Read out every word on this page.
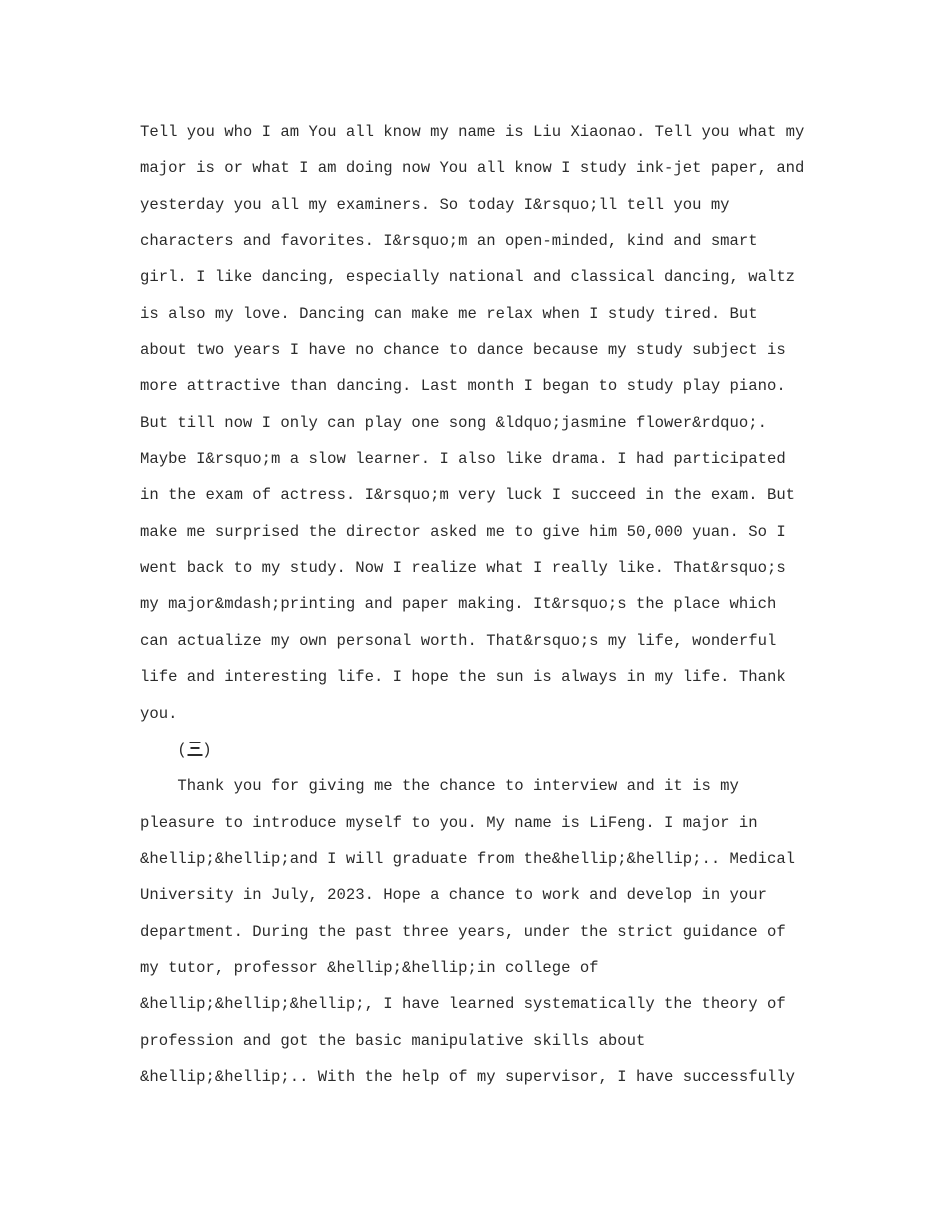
Tell you who I am You all know my name is Liu Xiaonao. Tell you what my
major is or what I am doing now You all know I study ink-jet paper, and
yesterday you all my examiners. So today I&rsquo;ll tell you my
characters and favorites. I&rsquo;m an open-minded, kind and smart
girl. I like dancing, especially national and classical dancing, waltz
is also my love. Dancing can make me relax when I study tired. But
about two years I have no chance to dance because my study subject is
more attractive than dancing. Last month I began to study play piano.
But till now I only can play one song &ldquo;jasmine flower&rdquo;.
Maybe I&rsquo;m a slow learner. I also like drama. I had participated
in the exam of actress. I&rsquo;m very luck I succeed in the exam. But
make me surprised the director asked me to give him 50,000 yuan. So I
went back to my study. Now I realize what I really like. That&rsquo;s
my major&mdash;printing and paper making. It&rsquo;s the place which
can actualize my own personal worth. That&rsquo;s my life, wonderful
life and interesting life. I hope the sun is always in my life. Thank
you.
( )
Thank you for giving me the chance to interview and it is my
pleasure to introduce myself to you. My name is LiFeng. I major in
&hellip;&hellip;and I will graduate from the&hellip;&hellip;.. Medical
University in July, 2023. Hope a chance to work and develop in your
department. During the past three years, under the strict guidance of
my tutor, professor &hellip;&hellip;in college of
&hellip;&hellip;&hellip;, I have learned systematically the theory of
profession and got the basic manipulative skills about
&hellip;&hellip;.. With the help of my supervisor, I have successfully
